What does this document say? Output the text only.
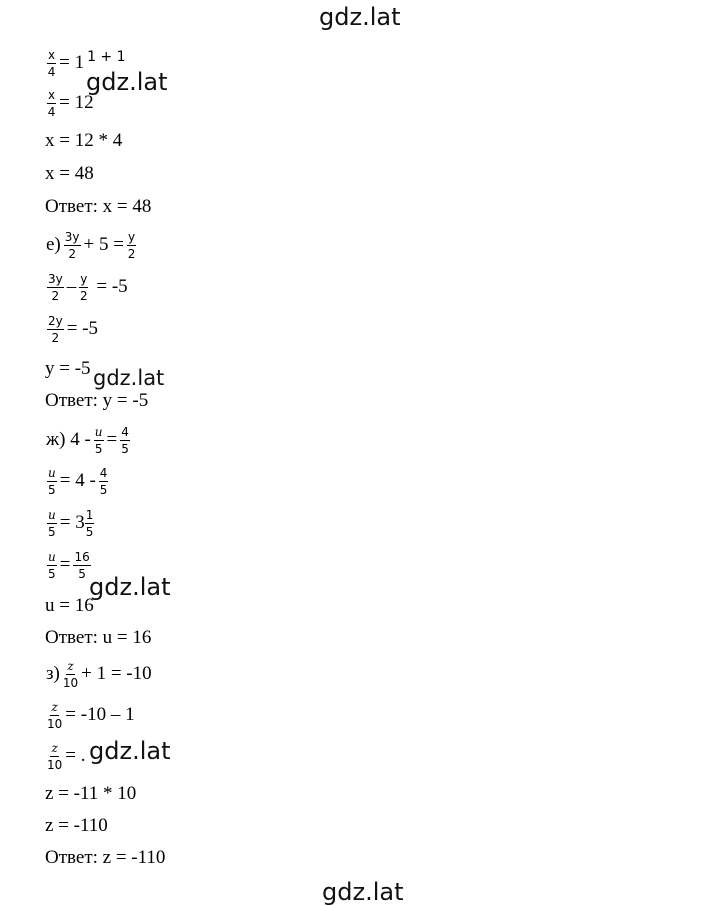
gdz.lat
gdz.lat
gdz.lat
gdz.lat
gdz.lat
gdz.lat
$\frac{x}{4} = 1$ 1 + 1
$\frac{x}{4} = 12$
x = 12 * 4
x = 48
Ответ: x = 48
$е) \frac{3y}{2} + 5 = \frac{y}{2}$
$\frac{3y}{2} - \frac{y}{2} = -5$
$\frac{2y}{2} = -5$
y = -5
Ответ: y = -5
ж) $4 - \frac{u}{5} = \frac{4}{5}$
$\frac{u}{5} = 4 - \frac{4}{5}$
$\frac{u}{5} = 3 \frac{1}{5}$
$\frac{u}{5} = \frac{16}{5}$
u = 16
Ответ: u = 16
$з) \frac{z}{10} + 1 = -10$
$\frac{z}{10} = -10 - 1$
$\frac{z}{10}$ = .
z = -11 * 10
z = -110
Ответ: z = -110
